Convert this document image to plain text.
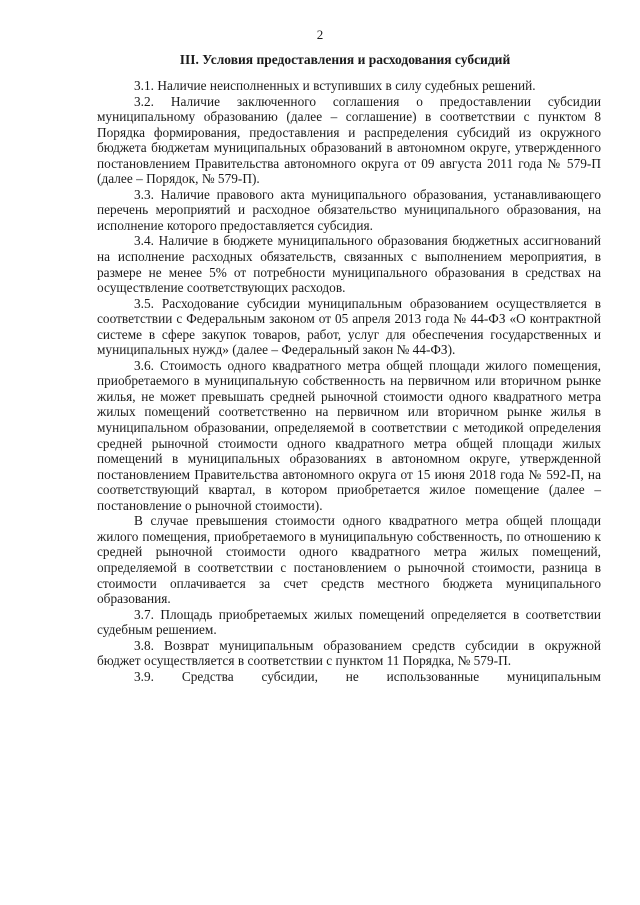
2
III. Условия предоставления и расходования субсидий

3.1. Наличие неисполненных и вступивших в силу судебных решений.

3.2. Наличие заключенного соглашения о предоставлении субсидии муниципальному образованию (далее – соглашение) в соответствии с пунктом 8 Порядка формирования, предоставления и распределения субсидий из окружного бюджета бюджетам муниципальных образований в автономном округе, утвержденного постановлением Правительства автономного округа от 09 августа 2011 года № 579-П (далее – Порядок, № 579-П).

3.3. Наличие правового акта муниципального образования, устанавливающего перечень мероприятий и расходное обязательство муниципального образования, на исполнение которого предоставляется субсидия.

3.4. Наличие в бюджете муниципального образования бюджетных ассигнований на исполнение расходных обязательств, связанных с выполнением мероприятия, в размере не менее 5% от потребности муниципального образования в средствах на осуществление соответствующих расходов.

3.5. Расходование субсидии муниципальным образованием осуществляется в соответствии с Федеральным законом от 05 апреля 2013 года № 44-ФЗ «О контрактной системе в сфере закупок товаров, работ, услуг для обеспечения государственных и муниципальных нужд» (далее – Федеральный закон № 44-ФЗ).

3.6. Стоимость одного квадратного метра общей площади жилого помещения, приобретаемого в муниципальную собственность на первичном или вторичном рынке жилья, не может превышать средней рыночной стоимости одного квадратного метра жилых помещений соответственно на первичном или вторичном рынке жилья в муниципальном образовании, определяемой в соответствии с методикой определения средней рыночной стоимости одного квадратного метра общей площади жилых помещений в муниципальных образованиях в автономном округе, утвержденной постановлением Правительства автономного округа от 15 июня 2018 года № 592-П, на соответствующий квартал, в котором приобретается жилое помещение (далее – постановление о рыночной стоимости).

В случае превышения стоимости одного квадратного метра общей площади жилого помещения, приобретаемого в муниципальную собственность, по отношению к средней рыночной стоимости одного квадратного метра жилых помещений, определяемой в соответствии с постановлением о рыночной стоимости, разница в стоимости оплачивается за счет средств местного бюджета муниципального образования.

3.7. Площадь приобретаемых жилых помещений определяется в соответствии судебным решением.

3.8. Возврат муниципальным образованием средств субсидии в окружной бюджет осуществляется в соответствии с пунктом 11 Порядка, № 579-П.

3.9. Средства субсидии, не использованные муниципальным
